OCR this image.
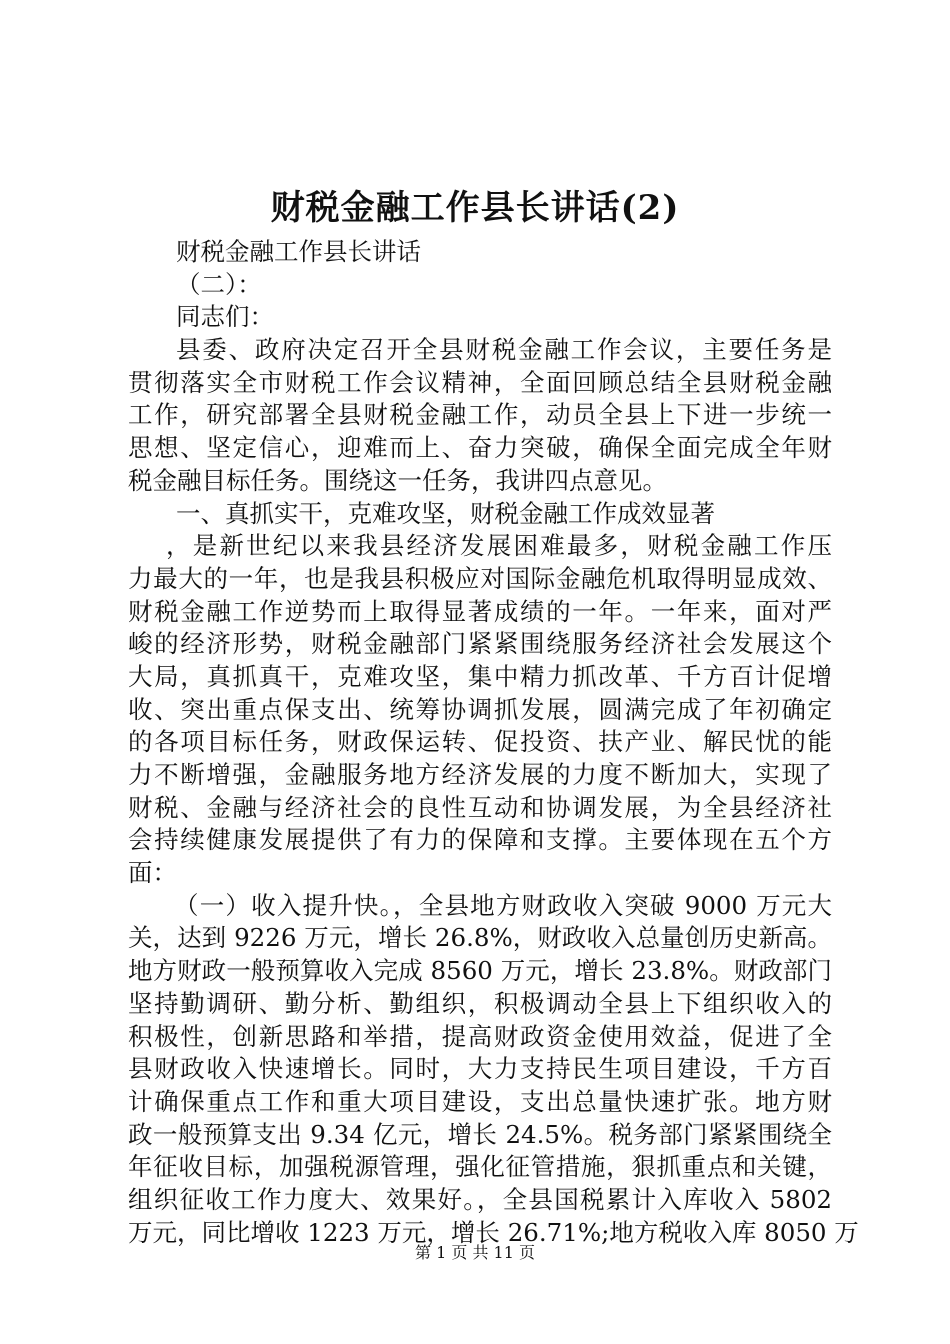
财税金融工作县长讲话(2)
财税金融工作县长讲话
（二）：
同志们：
县委、政府决定召开全县财税金融工作会议，主要任务是
贯彻落实全市财税工作会议精神，全面回顾总结全县财税金融
工作，研究部署全县财税金融工作，动员全县上下进一步统一
思想、坚定信心，迎难而上、奋力突破，确保全面完成全年财
税金融目标任务。围绕这一任务，我讲四点意见。
一、真抓实干，克难攻坚，财税金融工作成效显著
，是新世纪以来我县经济发展困难最多，财税金融工作压
力最大的一年，也是我县积极应对国际金融危机取得明显成效、
财税金融工作逆势而上取得显著成绩的一年。一年来，面对严
峻的经济形势，财税金融部门紧紧围绕服务经济社会发展这个
大局，真抓真干，克难攻坚，集中精力抓改革、千方百计促增
收、突出重点保支出、统筹协调抓发展，圆满完成了年初确定
的各项目标任务，财政保运转、促投资、扶产业、解民忧的能
力不断增强，金融服务地方经济发展的力度不断加大，实现了
财税、金融与经济社会的良性互动和协调发展，为全县经济社
会持续健康发展提供了有力的保障和支撑。主要体现在五个方
面：
（一）收入提升快。，全县地方财政收入突破 9000 万元大
关，达到 9226 万元，增长 26.8%，财政收入总量创历史新高。
地方财政一般预算收入完成 8560 万元，增长 23.8%。财政部门
坚持勤调研、勤分析、勤组织，积极调动全县上下组织收入的
积极性，创新思路和举措，提高财政资金使用效益，促进了全
县财政收入快速增长。同时，大力支持民生项目建设，千方百
计确保重点工作和重大项目建设，支出总量快速扩张。地方财
政一般预算支出 9.34 亿元，增长 24.5%。税务部门紧紧围绕全
年征收目标，加强税源管理，强化征管措施，狠抓重点和关键，
组织征收工作力度大、效果好。，全县国税累计入库收入 5802
万元，同比增收 1223 万元，增长 26.71%;地方税收入库 8050 万
第 1 页 共 11 页
